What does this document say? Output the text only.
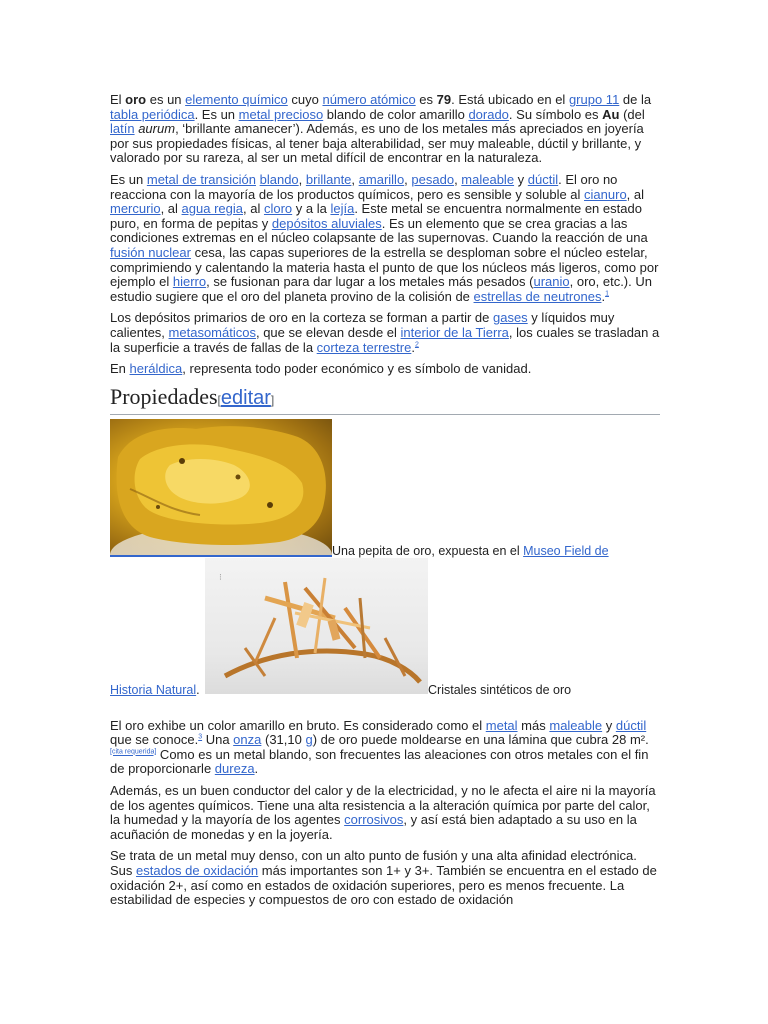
El oro es un elemento químico cuyo número atómico es 79. Está ubicado en el grupo 11 de la tabla periódica. Es un metal precioso blando de color amarillo dorado. Su símbolo es Au (del latín aurum, ‘brillante amanecer’). Además, es uno de los metales más apreciados en joyería por sus propiedades físicas, al tener baja alterabilidad, ser muy maleable, dúctil y brillante, y valorado por su rareza, al ser un metal difícil de encontrar en la naturaleza.

Es un metal de transición blando, brillante, amarillo, pesado, maleable y dúctil. El oro no reacciona con la mayoría de los productos químicos, pero es sensible y soluble al cianuro, al mercurio, al agua regia, al cloro y a la lejía. Este metal se encuentra normalmente en estado puro, en forma de pepitas y depósitos aluviales. Es un elemento que se crea gracias a las condiciones extremas en el núcleo colapsante de las supernovas. Cuando la reacción de una fusión nuclear cesa, las capas superiores de la estrella se desploman sobre el núcleo estelar, comprimiendo y calentando la materia hasta el punto de que los núcleos más ligeros, como por ejemplo el hierro, se fusionan para dar lugar a los metales más pesados (uranio, oro, etc.). Un estudio sugiere que el oro del planeta provino de la colisión de estrellas de neutrones.$^1$

Los depósitos primarios de oro en la corteza se forman a partir de gases y líquidos muy calientes, metasomáticos, que se elevan desde el interior de la Tierra, los cuales se trasladan a la superficie a través de fallas de la corteza terrestre.$^2$

En heráldica, representa todo poder económico y es símbolo de vanidad.

Propiedades[editar]
Una pepita de oro, expuesta en el Museo Field de
⁝
Historia Natural.	Cristales sintéticos de oro

El oro exhibe un color amarillo en bruto. Es considerado como el metal más maleable y dúctil que se conoce.$^3$ Una onza (31,10 g) de oro puede moldearse en una lámina que cubra 28 m².[cita requerida] Como es un metal blando, son frecuentes las aleaciones con otros metales con el fin de proporcionarle dureza.

Además, es un buen conductor del calor y de la electricidad, y no le afecta el aire ni la mayoría de los agentes químicos. Tiene una alta resistencia a la alteración química por parte del calor, la humedad y la mayoría de los agentes corrosivos, y así está bien adaptado a su uso en la acuñación de monedas y en la joyería.

Se trata de un metal muy denso, con un alto punto de fusión y una alta afinidad electrónica. Sus estados de oxidación más importantes son 1+ y 3+. También se encuentra en el estado de oxidación 2+, así como en estados de oxidación superiores, pero es menos frecuente. La estabilidad de especies y compuestos de oro con estado de oxidación
